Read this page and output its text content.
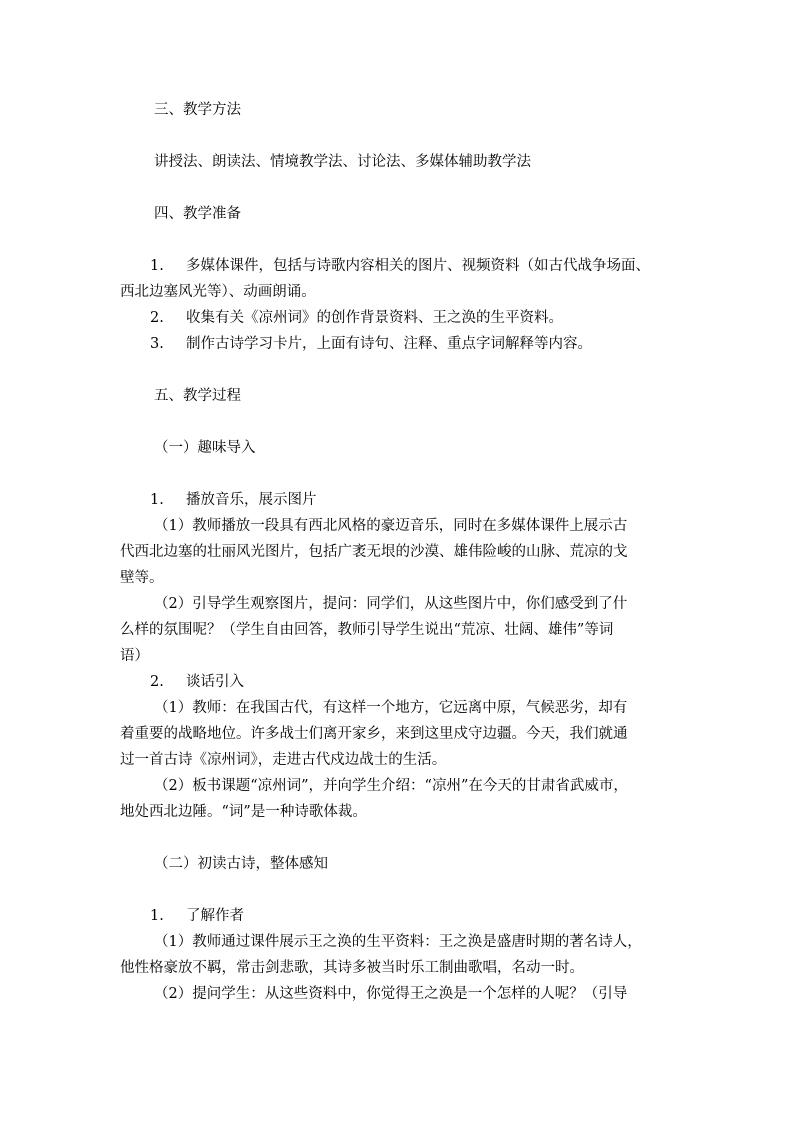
三、教学方法

讲授法、朗读法、情境教学法、讨论法、多媒体辅助教学法

四、教学准备

1. 多媒体课件，包括与诗歌内容相关的图片、视频资料（如古代战争场面、

西北边塞风光等）、动画朗诵。

2. 收集有关《凉州词》的创作背景资料、王之涣的生平资料。

3. 制作古诗学习卡片，上面有诗句、注释、重点字词解释等内容。

五、教学过程

（一）趣味导入

1. 播放音乐，展示图片

（1）教师播放一段具有西北风格的豪迈音乐，同时在多媒体课件上展示古

代西北边塞的壮丽风光图片，包括广袤无垠的沙漠、雄伟险峻的山脉、荒凉的戈

壁等。

（2）引导学生观察图片，提问：同学们，从这些图片中，你们感受到了什

么样的氛围呢？（学生自由回答，教师引导学生说出“荒凉、壮阔、雄伟”等词

语）

2. 谈话引入

（1）教师：在我国古代，有这样一个地方，它远离中原，气候恶劣，却有

着重要的战略地位。许多战士们离开家乡，来到这里戍守边疆。今天，我们就通

过一首古诗《凉州词》，走进古代戍边战士的生活。

（2）板书课题“凉州词”，并向学生介绍：“凉州”在今天的甘肃省武威市，

地处西北边陲。“词”是一种诗歌体裁。

（二）初读古诗，整体感知

1. 了解作者

（1）教师通过课件展示王之涣的生平资料：王之涣是盛唐时期的著名诗人，

他性格豪放不羁，常击剑悲歌，其诗多被当时乐工制曲歌唱，名动一时。

（2）提问学生：从这些资料中，你觉得王之涣是一个怎样的人呢？（引导
